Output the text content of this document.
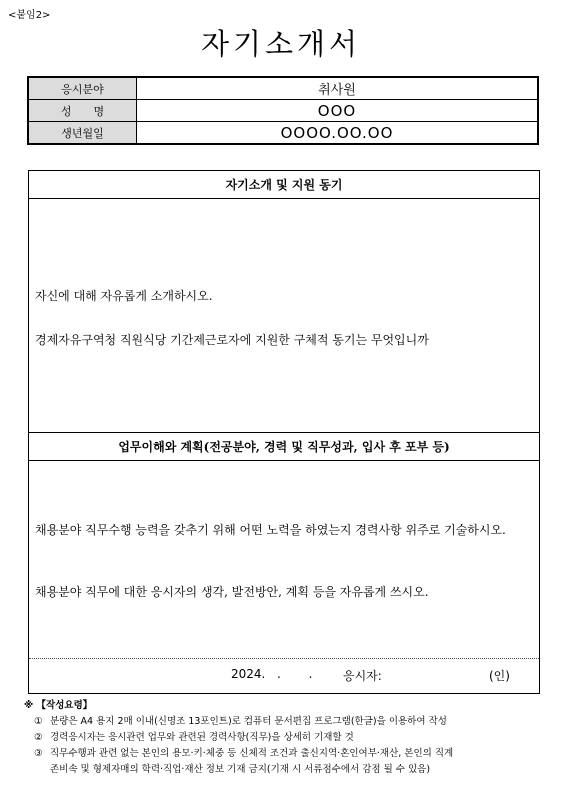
<붙임2>
자기소개서
응시분야	취사원
성　　명	OOO
생년월일	OOOO.OO.OO
자기소개 및 지원 동기
자신에 대해 자유롭게 소개하시오.
경제자유구역청 직원식당 기간제근로자에 지원한 구체적 동기는 무엇입니까
업무이해와 계획(전공분야, 경력 및 직무성과, 입사 후 포부 등)
채용분야 직무수행 능력을 갖추기 위해 어떤 노력을 하였는지 경력사항 위주로 기술하시오.
채용분야 직무에 대한 응시자의 생각, 발전방안, 계획 등을 자유롭게 쓰시오.
2024. . . 응시자:	(인)
※ 【작성요령】
① 분량은 A4 용지 2매 이내(신명조 13포인트)로 컴퓨터 문서편집 프로그램(한글)을 이용하여 작성
② 경력응시자는 응시관련 업무와 관련된 경력사항(직무)을 상세히 기재할 것
③ 직무수행과 관련 없는 본인의 용모·키·체중 등 신체적 조건과 출신지역·혼인여부·재산, 본인의 직계
존비속 및 형제자매의 학력·직업·재산 정보 기재 금지(기재 시 서류점수에서 감점 될 수 있음)
